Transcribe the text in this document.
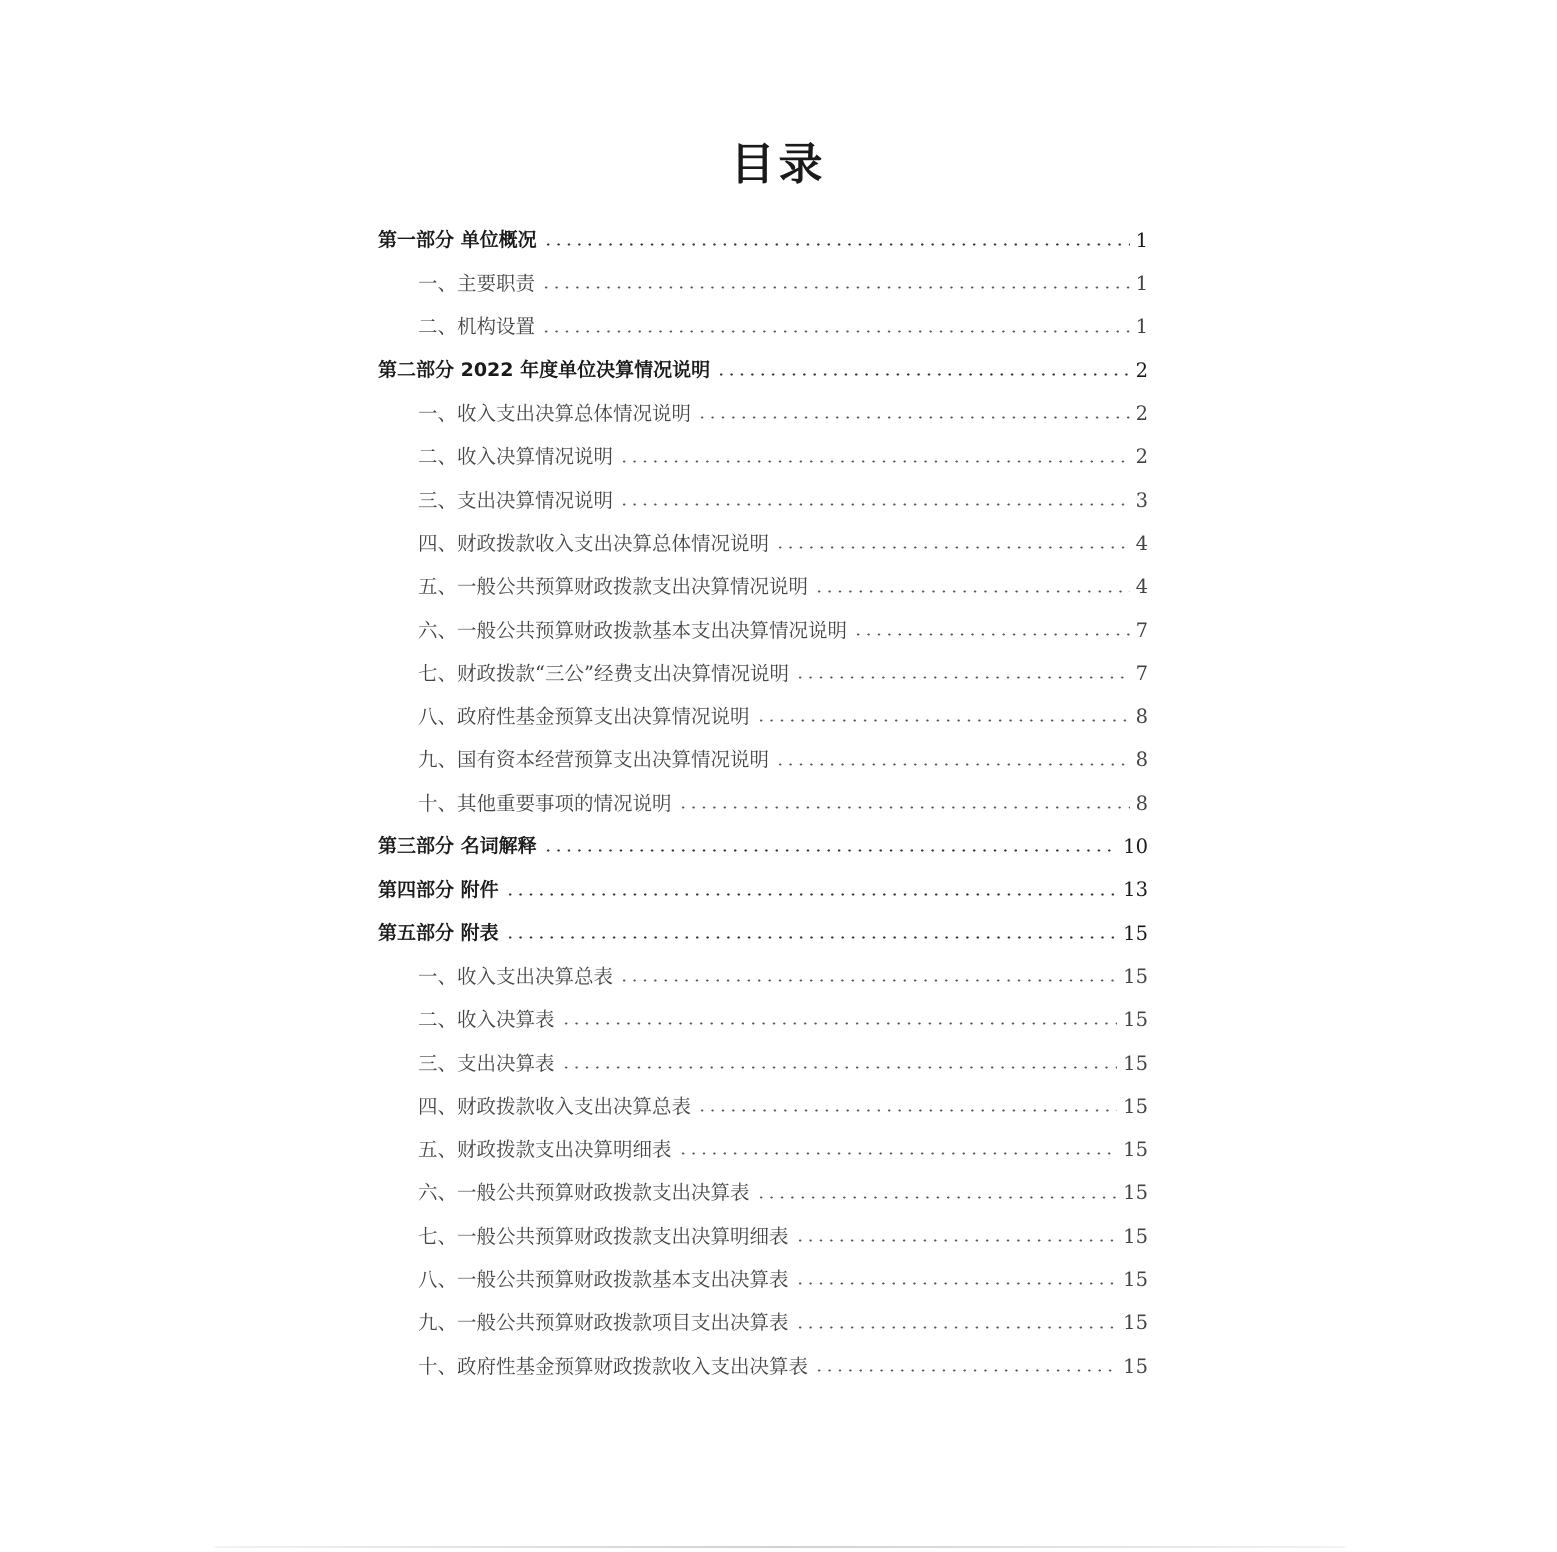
目录
第一部分 单位概况	1
一、主要职责	1
二、机构设置	1
第二部分 2022 年度单位决算情况说明	2
一、收入支出决算总体情况说明	2
二、收入决算情况说明	2
三、支出决算情况说明	3
四、财政拨款收入支出决算总体情况说明	4
五、一般公共预算财政拨款支出决算情况说明	4
六、一般公共预算财政拨款基本支出决算情况说明	7
七、财政拨款“三公”经费支出决算情况说明	7
八、政府性基金预算支出决算情况说明	8
九、国有资本经营预算支出决算情况说明	8
十、其他重要事项的情况说明	8
第三部分 名词解释	10
第四部分 附件	13
第五部分 附表	15
一、收入支出决算总表	15
二、收入决算表	15
三、支出决算表	15
四、财政拨款收入支出决算总表	15
五、财政拨款支出决算明细表	15
六、一般公共预算财政拨款支出决算表	15
七、一般公共预算财政拨款支出决算明细表	15
八、一般公共预算财政拨款基本支出决算表	15
九、一般公共预算财政拨款项目支出决算表	15
十、政府性基金预算财政拨款收入支出决算表	15
